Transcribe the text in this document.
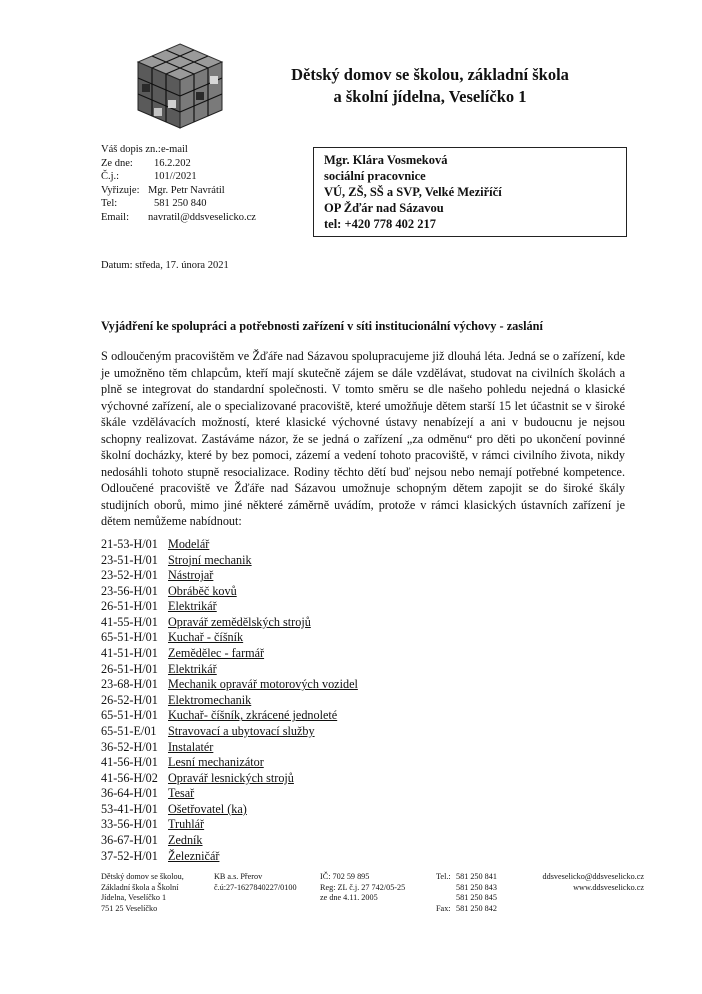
Dětský domov se školou, základní škola
a školní jídelna, Veselíčko 1
Váš dopis zn.: e-mail
Ze dne:	16.2.202
Č.j.:	101//2021
Vyřizuje: Mgr. Petr Navrátil
Tel:	581 250 840
Email:	navratil@ddsveselicko.cz
Mgr. Klára Vosmeková
sociální pracovnice
VÚ, ZŠ, SŠ a SVP, Velké Meziříčí
OP Žďár nad Sázavou
tel: +420 778 402 217
Datum: středa, 17. února 2021
Vyjádření ke spolupráci a potřebnosti zařízení v síti institucionální výchovy - zaslání
S odloučeným pracovištěm ve Žďáře nad Sázavou spolupracujeme již dlouhá léta. Jedná se o zařízení, kde je umožněno těm chlapcům, kteří mají skutečně zájem se dále vzdělávat, studovat na civilních školách a plně se integrovat do standardní společnosti. V tomto směru se dle našeho pohledu nejedná o klasické výchovné zařízení, ale o specializované pracoviště, které umožňuje dětem starší 15 let účastnit se v široké škále vzdělávacích možností, které klasické výchovné ústavy nenabízejí a ani v budoucnu je nejsou schopny realizovat. Zastáváme názor, že se jedná o zařízení „za odměnu“ pro děti po ukončení povinné školní docházky, které by bez pomoci, zázemí a vedení tohoto pracoviště, v rámci civilního života, nikdy nedosáhli tohoto stupně resocializace. Rodiny těchto dětí buď nejsou nebo nemají potřebné kompetence. Odloučené pracoviště ve Žďáře nad Sázavou umožnuje schopným dětem zapojit se do široké škály studijních oborů, mimo jiné některé záměrně uvádím, protože v rámci klasických ústavních zařízení je dětem nemůžeme nabídnout:
21-53-H/01 Modelář
23-51-H/01 Strojní mechanik
23-52-H/01 Nástrojař
23-56-H/01 Obráběč kovů
26-51-H/01 Elektrikář
41-55-H/01 Opravář zemědělských strojů
65-51-H/01 Kuchař - číšník
41-51-H/01 Zemědělec - farmář
26-51-H/01 Elektrikář
23-68-H/01 Mechanik opravář motorových vozidel
26-52-H/01 Elektromechanik
65-51-H/01 Kuchař- číšník, zkrácené jednoleté
65-51-E/01 Stravovací a ubytovací služby
36-52-H/01 Instalatér
41-56-H/01 Lesní mechanizátor
41-56-H/02 Opravář lesnických strojů
36-64-H/01 Tesař
53-41-H/01 Ošetřovatel (ka)
33-56-H/01 Truhlář
36-67-H/01 Zedník
37-52-H/01 Železničář
Dětský domov se školou,
Základní škola a Školní
Jídelna, Veselíčko 1
751 25 Veselíčko
KB a.s. Přerov
č.ú:27-1627840227/0100
IČ: 702 59 895
Reg: ZL č.j. 27 742/05-25
ze dne 4.11. 2005
Tel.: 581 250 841
581 250 843
581 250 845
Fax: 581 250 842
ddsveselicko@ddsveselicko.cz
www.ddsveselicko.cz
